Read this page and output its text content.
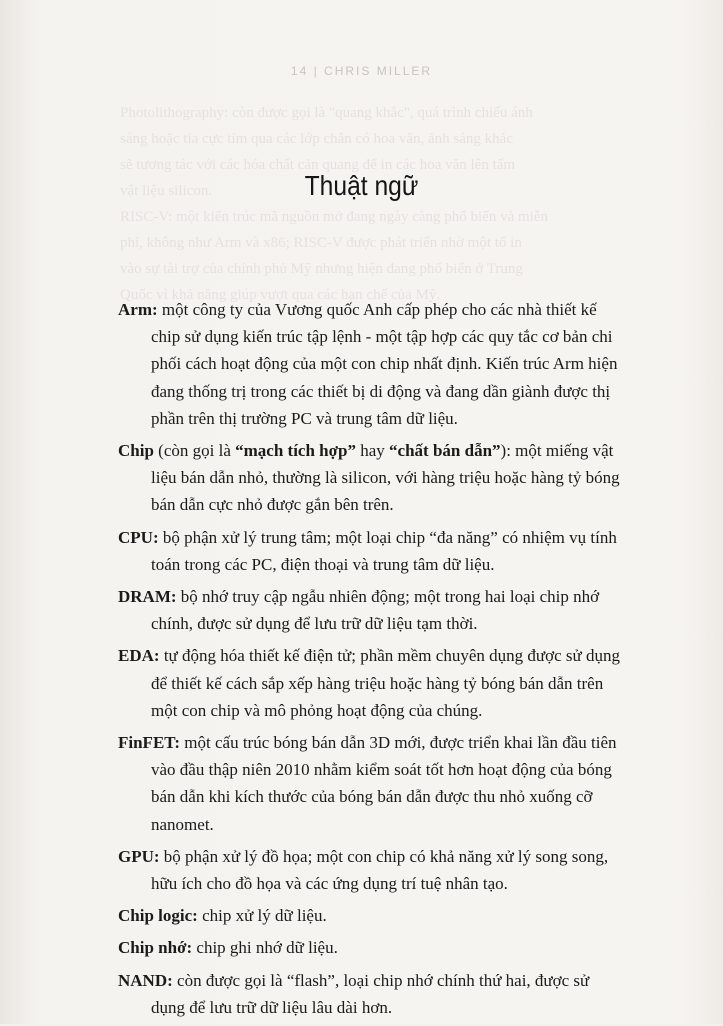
14 | CHRIS MILLER
Photolithography: còn được gọi là "quang khắc", quá trình chiếu ánh
sáng hoặc tia cực tím qua các lớp chắn có hoa văn, ảnh sáng khác
sẽ tương tác với các hóa chất cản quang để in các hoa văn lên tấm
vật liệu silicon.
RISC-V: một kiến trúc mã nguồn mở đang ngày càng phổ biến và miễn
phí, không như Arm và x86; RISC-V được phát triển nhờ một tổ in
vào sự tài trợ của chính phủ Mỹ nhưng hiện đang phổ biến ở Trung
Quốc vì khả năng giúp vượt qua các hạn chế của Mỹ.
Thuật ngữ

Arm: một công ty của Vương quốc Anh cấp phép cho các nhà thiết kế chip sử dụng kiến trúc tập lệnh - một tập hợp các quy tắc cơ bản chi phối cách hoạt động của một con chip nhất định. Kiến trúc Arm hiện đang thống trị trong các thiết bị di động và đang dần giành được thị phần trên thị trường PC và trung tâm dữ liệu.

Chip (còn gọi là “mạch tích hợp” hay “chất bán dẫn”): một miếng vật liệu bán dẫn nhỏ, thường là silicon, với hàng triệu hoặc hàng tỷ bóng bán dẫn cực nhỏ được gắn bên trên.

CPU: bộ phận xử lý trung tâm; một loại chip “đa năng” có nhiệm vụ tính toán trong các PC, điện thoại và trung tâm dữ liệu.

DRAM: bộ nhớ truy cập ngẫu nhiên động; một trong hai loại chip nhớ chính, được sử dụng để lưu trữ dữ liệu tạm thời.

EDA: tự động hóa thiết kế điện tử; phần mềm chuyên dụng được sử dụng để thiết kế cách sắp xếp hàng triệu hoặc hàng tỷ bóng bán dẫn trên một con chip và mô phỏng hoạt động của chúng.

FinFET: một cấu trúc bóng bán dẫn 3D mới, được triển khai lần đầu tiên vào đầu thập niên 2010 nhằm kiểm soát tốt hơn hoạt động của bóng bán dẫn khi kích thước của bóng bán dẫn được thu nhỏ xuống cỡ nanomet.

GPU: bộ phận xử lý đồ họa; một con chip có khả năng xử lý song song, hữu ích cho đồ họa và các ứng dụng trí tuệ nhân tạo.

Chip logic: chip xử lý dữ liệu.

Chip nhớ: chip ghi nhớ dữ liệu.

NAND: còn được gọi là “flash”, loại chip nhớ chính thứ hai, được sử dụng để lưu trữ dữ liệu lâu dài hơn.
